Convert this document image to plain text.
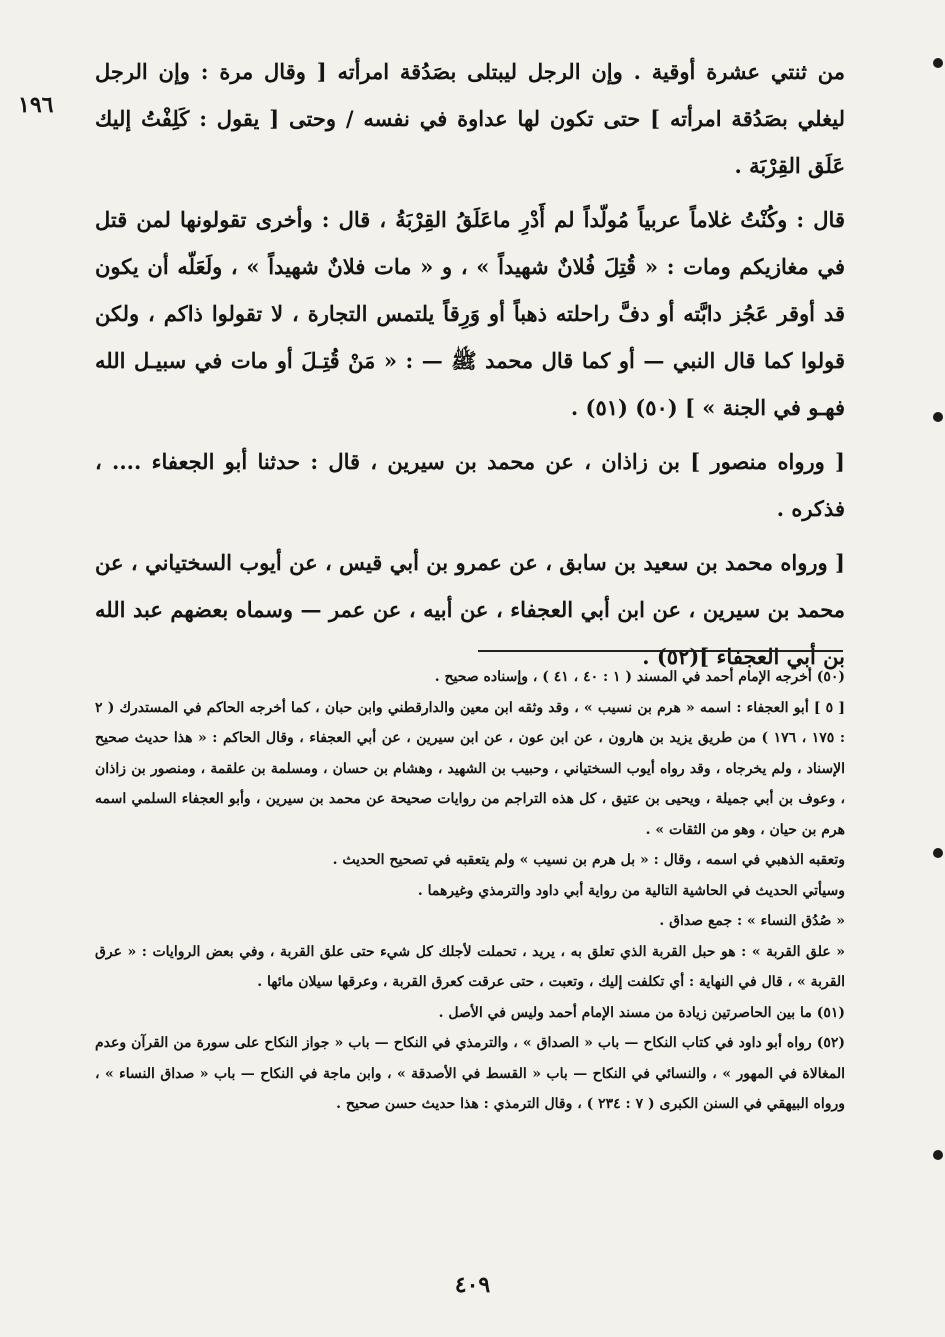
١٩٦

من ثنتي عشرة أوقية . وإن الرجل ليبتلى بصَدُقة امرأته [ وقال مرة : وإن الرجل ليغلي بصَدُقة امرأته ] حتى تكون لها عداوة في نفسه / وحتى [ يقول : كَلِفْتُ إليك عَلَق القِرْبَة .

قال : وكُنْتُ غلاماً عربياً مُولّداً لم أَدْرِ ماعَلَقُ القِرْبَةُ ، قال : وأخرى تقولونها لمن قتل في مغازيكم ومات : « قُتِلَ فُلانٌ شهيداً » ، و « مات فلانٌ شهيداً » ، ولَعَلّه أن يكون قد أوقر عَجُز دابَّته أو دفَّ راحلته ذهباً أو وَرِقاً يلتمس التجارة ، لا تقولوا ذاكم ، ولكن قولوا كما قال النبي — أو كما قال محمد ﷺ — : « مَنْ قُتِـلَ أو مات في سبيـل الله فهـو في الجنة » ] (٥٠) (٥١) .

[ ورواه منصور ] بن زاذان ، عن محمد بن سيرين ، قال : حدثنا أبو الجعفاء .... ، فذكره .

[ ورواه محمد بن سعيد بن سابق ، عن عمرو بن أبي قيس ، عن أيوب السختياني ، عن محمد بن سيرين ، عن ابن أبي العجفاء ، عن أبيه ، عن عمر — وسماه بعضهم عبد الله بن أبي العجفاء ](٥٢) .

(٥٠) أخرجه الإمام أحمد في المسند ( ١ : ٤٠ ، ٤١ ) ، وإسناده صحيح .

[ ٥ ] أبو العجفاء : اسمه « هرم بن نسيب » ، وقد وثقه ابن معين والدارقطني وابن حبان ، كما أخرجه الحاكم في المستدرك ( ٢ : ١٧٥ ، ١٧٦ ) من طريق يزيد بن هارون ، عن ابن عون ، عن ابن سيرين ، عن أبي العجفاء ، وقال الحاكم : « هذا حديث صحيح الإسناد ، ولم يخرجاه ، وقد رواه أيوب السختياني ، وحبيب بن الشهيد ، وهشام بن حسان ، ومسلمة بن علقمة ، ومنصور بن زاذان ، وعوف بن أبي جميلة ، ويحيى بن عتيق ، كل هذه التراجم من روايات صحيحة عن محمد بن سيرين ، وأبو العجفاء السلمي اسمه هرم بن حيان ، وهو من الثقات » .

وتعقبه الذهبي في اسمه ، وقال : « بل هرم بن نسيب » ولم يتعقبه في تصحيح الحديث .

وسيأتي الحديث في الحاشية التالية من رواية أبي داود والترمذي وغيرهما .

« صُدُق النساء » : جمع صداق .

« علق القربة » : هو حبل القربة الذي تعلق به ، يريد ، تحملت لأجلك كل شيء حتى علق القربة ، وفي بعض الروايات : « عرق القربة » ، قال في النهاية : أي تكلفت إليك ، وتعبت ، حتى عرقت كعرق القربة ، وعرقها سيلان مائها .

(٥١) ما بين الحاصرتين زيادة من مسند الإمام أحمد وليس في الأصل .

(٥٢) رواه أبو داود في كتاب النكاح — باب « الصداق » ، والترمذي في النكاح — باب « جواز النكاح على سورة من القرآن وعدم المغالاة في المهور » ، والنسائي في النكاح — باب « القسط في الأصدقة » ، وابن ماجة في النكاح — باب « صداق النساء » ، ورواه البيهقي في السنن الكبرى ( ٧ : ٢٣٤ ) ، وقال الترمذي : هذا حديث حسن صحيح .

٤٠٩
